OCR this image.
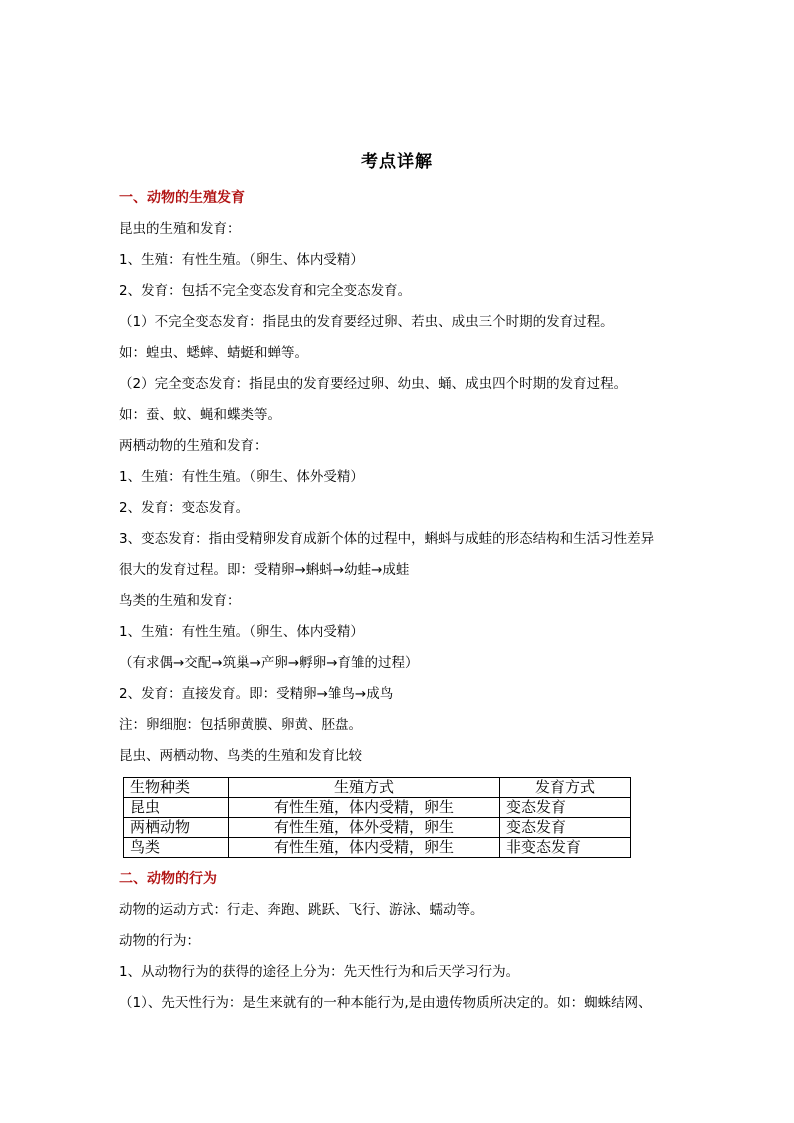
考点详解
一、动物的生殖发育
昆虫的生殖和发育：
1、生殖：有性生殖。（卵生、体内受精）
2、发育：包括不完全变态发育和完全变态发育。
（1）不完全变态发育：指昆虫的发育要经过卵、若虫、成虫三个时期的发育过程。
如：蝗虫、蟋蟀、蜻蜓和蝉等。
（2）完全变态发育：指昆虫的发育要经过卵、幼虫、蛹、成虫四个时期的发育过程。
如：蚕、蚊、蝇和蝶类等。
两栖动物的生殖和发育：
1、生殖：有性生殖。（卵生、体外受精）
2、发育：变态发育。
3、变态发育：指由受精卵发育成新个体的过程中，蝌蚪与成蛙的形态结构和生活习性差异
很大的发育过程。即：受精卵→蝌蚪→幼蛙→成蛙
鸟类的生殖和发育：
1、生殖：有性生殖。（卵生、体内受精）
（有求偶→交配→筑巢→产卵→孵卵→育雏的过程）
2、发育：直接发育。即：受精卵→雏鸟→成鸟
注：卵细胞：包括卵黄膜、卵黄、胚盘。
昆虫、两栖动物、鸟类的生殖和发育比较
生物种类	生殖方式	发育方式
昆虫	有性生殖，体内受精，卵生	变态发育
两栖动物	有性生殖，体外受精，卵生	变态发育
鸟类	有性生殖，体内受精，卵生	非变态发育
二、动物的行为
动物的运动方式：行走、奔跑、跳跃、飞行、游泳、蠕动等。
动物的行为：
1、从动物行为的获得的途径上分为：先天性行为和后天学习行为。
（1）、先天性行为：是生来就有的一种本能行为,是由遗传物质所决定的。如：蜘蛛结网、
